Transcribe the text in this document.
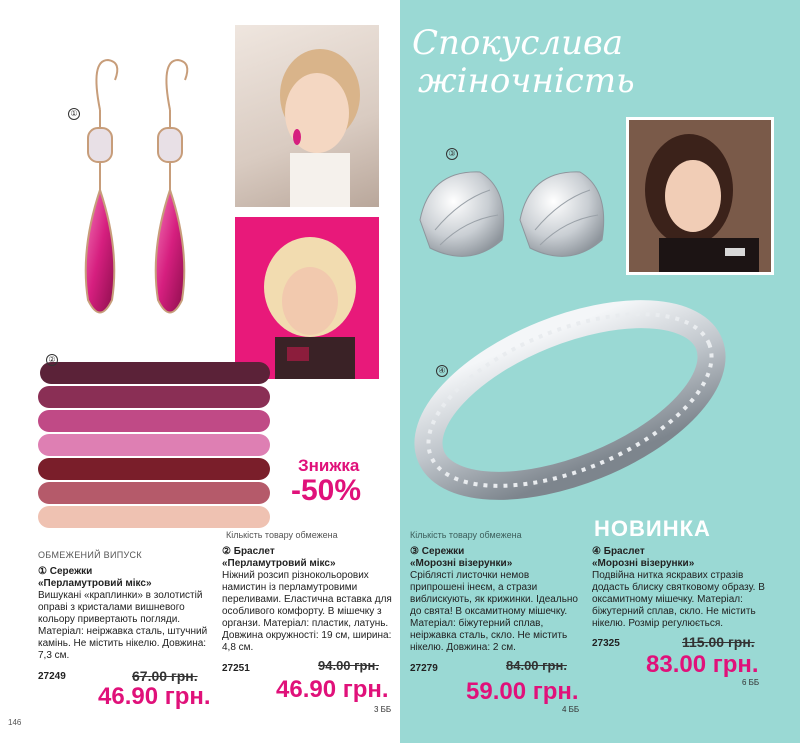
①
②
Знижка
-50%
Кількість товару обмежена
ОБМЕЖЕНИЙ ВИПУСК
① Сережки
«Перламутровий мікс»
Вишукані «краплинки» в золотистій оправі з кристалами вишневого кольору привертають погляди. Матеріал: неіржавка сталь, штучний камінь. Не містить нікелю. Довжина: 7,3 см.
27249	67.00 грн.
46.90 грн.
② Браслет
«Перламутровий мікс»
Ніжний розсип різнокольорових намистин із перламутровими переливами. Еластична вставка для особливого комфорту. В мішечку з органзи. Матеріал: пластик, латунь. Довжина окружності: 19 см, ширина: 4,8 см.
27251	94.00 грн.
46.90 грн.
3 ББ
146
Спокуслива
жіночність
③
④
НОВИНКА
Кількість товару обмежена
③ Сережки
«Морозні візерунки»
Сріблясті листочки немов припрошені інеєм, а стрази виблискують, як крижинки. Ідеально до свята! В оксамитному мішечку. Матеріал: біжутерний сплав, неіржавка сталь, скло. Не містить нікелю. Довжина: 2 см.
27279	84.00 грн.
59.00 грн.
4 ББ
④ Браслет
«Морозні візерунки»
Подвійна нитка яскравих стразів додасть блиску святковому образу. В оксамитному мішечку. Матеріал: біжутерний сплав, скло. Не містить нікелю. Розмір регулюється.
27325	115.00 грн.
83.00 грн.
6 ББ
